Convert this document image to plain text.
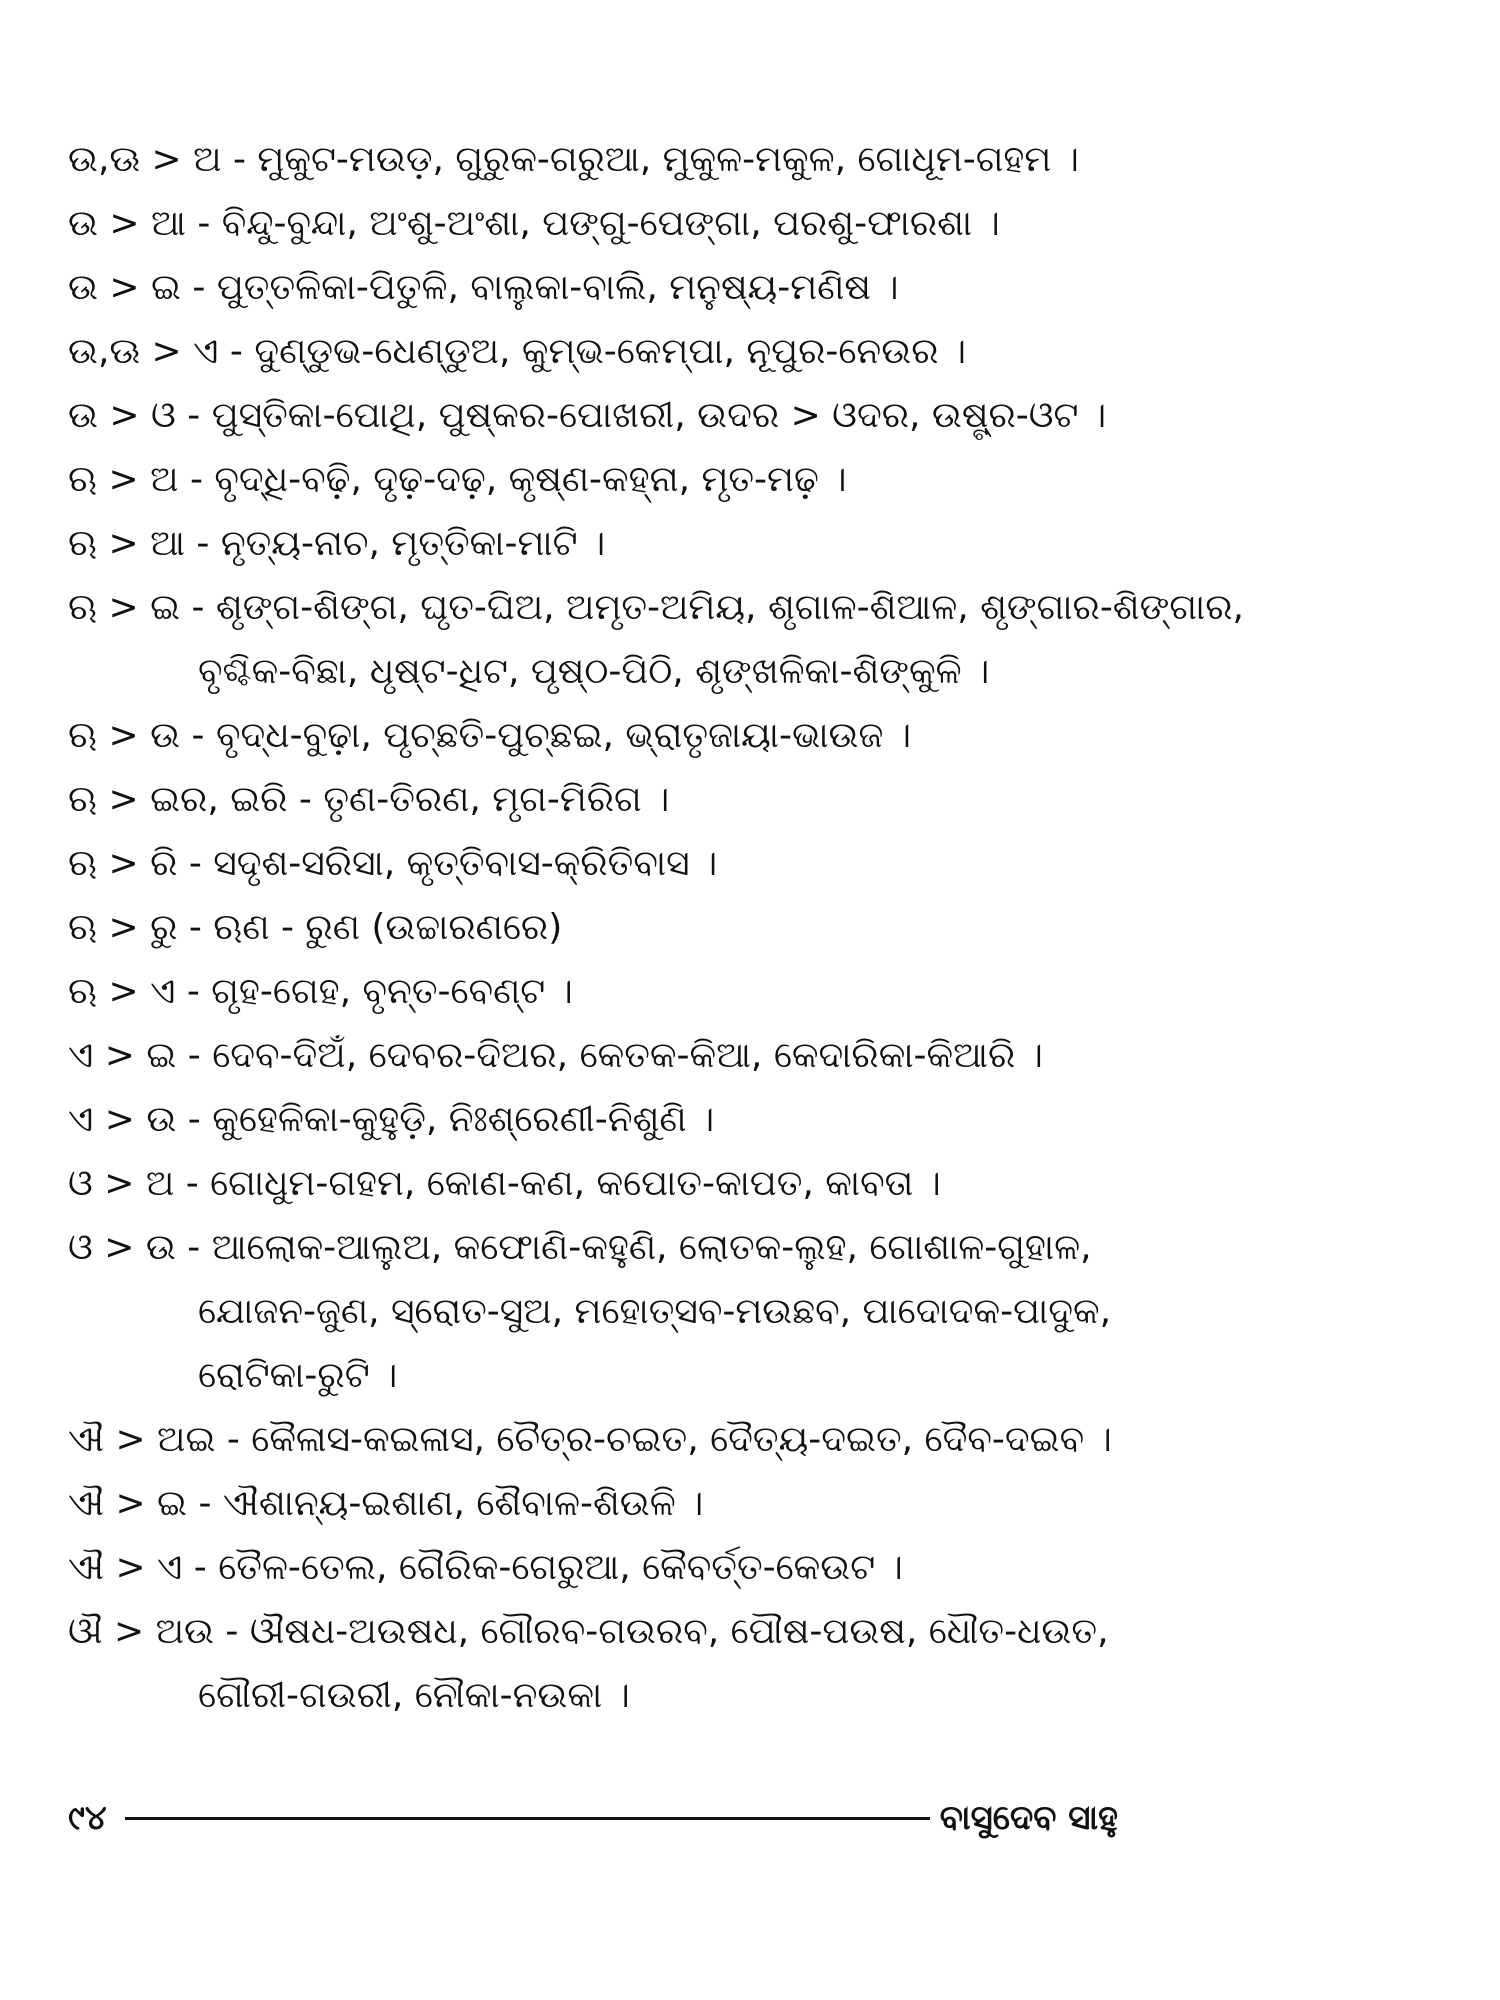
ଉ,ଊ > ଅ - ମୁକୁଟ-ମଉଡ଼, ଗୁରୁକ-ଗରୁଆ, ମୁକୁଳ-ମକୁଳ, ଗୋଧୂମ-ଗହମ ।
ଉ > ଆ - ବିନ୍ଦୁ-ବୁନ୍ଦା, ଅଂଶୁ-ଅଂଶା, ପଙ୍ଗୁ-ପେଙ୍ଗା, ପରଶୁ-ଫାରଶା ।
ଉ > ଇ - ପୁତ୍ତଳିକା-ପିତୁଳି, ବାଲୁକା-ବାଲି, ମନୁଷ୍ୟ-ମଣିଷ ।
ଉ,ଊ > ଏ - ଦୁଣ୍ଡୁଭ-ଧେଣ୍ଡୁଅ, କୁମ୍ଭ-କେମ୍ପା, ନୂପୁର-ନେଉର ।
ଉ > ଓ - ପୁସ୍ତିକା-ପୋଥି, ପୁଷ୍କର-ପୋଖରୀ, ଉଦର > ଓଦର, ଉଷ୍ଟ୍ର-ଓଟ ।
ଋ > ଅ - ବୃଦ୍ଧି-ବଢ଼ି, ଦୃଢ଼-ଦଢ଼, କୃଷ୍ଣ-କହ୍ନା, ମୃତ-ମଢ଼ ।
ଋ > ଆ - ନୃତ୍ୟ-ନାଚ, ମୃତ୍ତିକା-ମାଟି ।
ଋ > ଇ - ଶୃଙ୍ଗ-ଶିଙ୍ଗ, ଘୃତ-ଘିଅ, ଅମୃତ-ଅମିୟ, ଶୃଗାଳ-ଶିଆଳ, ଶୃଙ୍ଗାର-ଶିଙ୍ଗାର,
ବୃଶ୍ଚିକ-ବିଛା, ଧୃଷ୍ଟ-ଧିଟ, ପୃଷ୍ଠ-ପିଠି, ଶୃଙ୍ଖଳିକା-ଶିଙ୍କୁଳି ।
ଋ > ଉ - ବୃଦ୍ଧ-ବୁଢ଼ା, ପୃଚ୍ଛତି-ପୁଚ୍ଛଇ, ଭ୍ରାତୃଜାୟା-ଭାଉଜ ।
ଋ > ଇର, ଇରି - ତୃଣ-ତିରଣ, ମୃଗ-ମିରିଗ ।
ଋ > ରି - ସଦୃଶ-ସରିସା, କୃତ୍ତିବାସ-କ୍ରିତିବାସ ।
ଋ > ରୁ - ଋଣ - ରୁଣ (ଉଚ୍ଚାରଣରେ)
ଋ > ଏ - ଗୃହ-ଗେହ, ବୃନ୍ତ-ବେଣ୍ଟ ।
ଏ > ଇ - ଦେବ-ଦିଅଁ, ଦେବର-ଦିଅର, କେତକ-କିଆ, କେଦାରିକା-କିଆରି ।
ଏ > ଉ - କୁହେଳିକା-କୁହୁଡ଼ି, ନିଃଶ୍ରେଣୀ-ନିଶୁଣି ।
ଓ > ଅ - ଗୋଧୁମ-ଗହମ, କୋଣ-କଣ, କପୋତ-କାପତ, କାବତା ।
ଓ > ଉ - ଆଲୋକ-ଆଲୁଅ, କଫୋଣି-କହୁଣି, ଲୋତକ-ଲୁହ, ଗୋଶାଳ-ଗୁହାଳ,
ଯୋଜନ-ଜୁଣ, ସ୍ରୋତ-ସୁଅ, ମହୋତ୍ସବ-ମଉଛବ, ପାଦୋଦକ-ପାଦୁକ,
ରୋଟିକା-ରୁଟି ।
ଐ > ଅଇ - କୈଳାସ-କଇଳାସ, ଚୈତ୍ର-ଚଇତ, ଦୈତ୍ୟ-ଦଇତ, ଦୈବ-ଦଇବ ।
ଐ > ଇ - ଐଶାନ୍ୟ-ଇଶାଣ, ଶୈବାଳ-ଶିଉଳି ।
ଐ > ଏ - ତୈଳ-ତେଲ, ଗୈରିକ-ଗେରୁଆ, କୈବର୍ତ୍ତ-କେଉଟ ।
ଔ > ଅଉ - ଔଷଧ-ଅଉଷଧ, ଗୌରବ-ଗଉରବ, ପୌଷ-ପଉଷ, ଧୌତ-ଧଉତ,
ଗୌରୀ-ଗଉରୀ, ନୌକା-ନଉକା ।
୯୪	ବାସୁଦେବ ସାହୁ
